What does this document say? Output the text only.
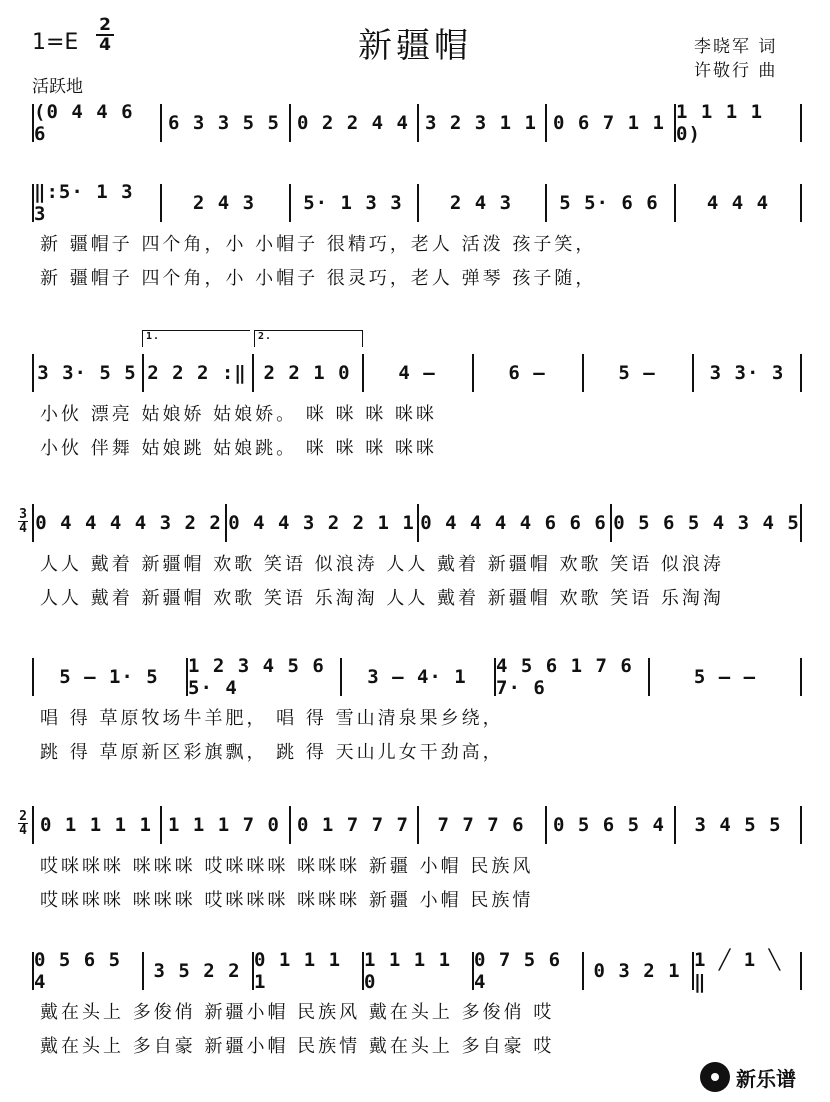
新疆帽
$1=E \frac{2}{4}$
活跃地
李晓军 词
许敬行 曲
(0 4 4 6 6	6 3 3 5 5 0 2 2 4 4 3 2 3 1 1 0 6 7 1 1 1 1 1 1 0)
‖:5· 1 3 3	2 4 3	5· 1 3 3	2 4 3	5 5· 6 6	4 4 4
新 疆帽子 四个角，小 小帽子 很精巧，老人 活泼 孩子笑，
新 疆帽子 四个角，小 小帽子 很灵巧，老人 弹琴 孩子随，
3 3· 5 5 2 2 2 :‖ 2 2 1 0	4 –	6 –	5 –	3 3· 3
1.	2.
小伙 漂亮 姑娘娇 姑娘娇。 咪 咪 咪 咪咪
小伙 伴舞 姑娘跳 姑娘跳。 咪 咪 咪 咪咪
$\frac{3}{4} 0$ 4 4 4 4 3 2 2 0 4 4 3 2 2 1 1 0 4 4 4 4 6 6 6 0 5 6 5 4 3 4 5
人人 戴着 新疆帽 欢歌 笑语 似浪涛 人人 戴着 新疆帽 欢歌 笑语 似浪涛
人人 戴着 新疆帽 欢歌 笑语 乐淘淘 人人 戴着 新疆帽 欢歌 笑语 乐淘淘
5 – 1· 5	1 2 3 4 5 6 5· 4	3 – 4· 1	4 5 6 1 7 6 7· 6	5 – –
唱 得 草原牧场牛羊肥， 唱 得 雪山清泉果乡绕，
跳 得 草原新区彩旗飘， 跳 得 天山儿女干劲高，
$\frac{2}{4} 0$ 1 1 1 1 1 1 1 7 0 0 1 7 7 7	7 7 7 6	0 5 6 5 4	3 4 5 5
哎咪咪咪 咪咪咪 哎咪咪咪 咪咪咪 新疆 小帽 民族风
哎咪咪咪 咪咪咪 哎咪咪咪 咪咪咪 新疆 小帽 民族情
0 5 6 5 4	3 5 2 2 0 1 1 1 1
1 1 1 1 0
0 7 5 6 4	0 3 2 1 1 ╱ 1 ╲ ‖
戴在头上 多俊俏 新疆小帽 民族风 戴在头上 多俊俏 哎
戴在头上 多自豪 新疆小帽 民族情 戴在头上 多自豪 哎
新乐谱
